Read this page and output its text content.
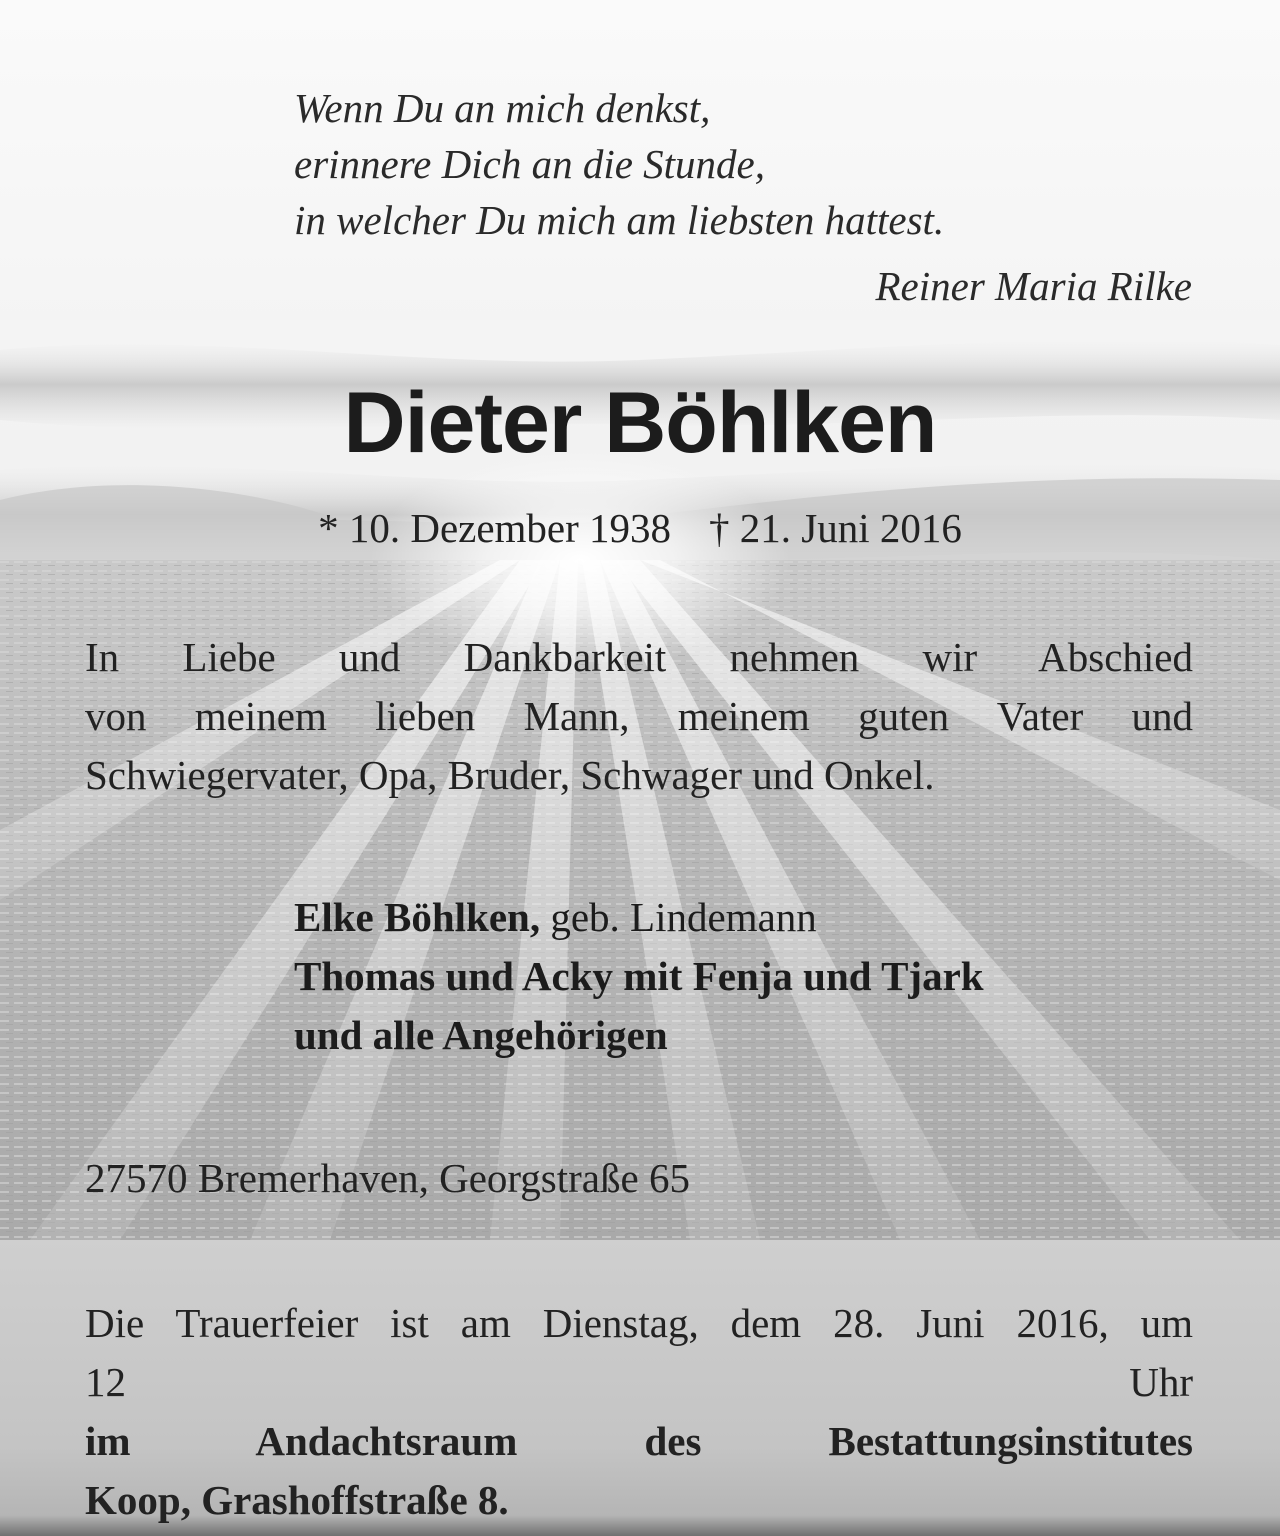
Wenn Du an mich denkst,
erinnere Dich an die Stunde,
in welcher Du mich am liebsten hattest.
Reiner Maria Rilke
Dieter Böhlken
* 10. Dezember 1938 † 21. Juni 2016
In Liebe und Dankbarkeit nehmen wir Abschied
von meinem lieben Mann, meinem guten Vater und
Schwiegervater, Opa, Bruder, Schwager und Onkel.
Elke Böhlken, geb. Lindemann
Thomas und Acky mit Fenja und Tjark
und alle Angehörigen
27570 Bremerhaven, Georgstraße 65
Die Trauerfeier ist am Dienstag, dem 28. Juni 2016, um
12 Uhr
im Andachtsraum des Bestattungsinstitutes
Koop, Grashoffstraße 8.
